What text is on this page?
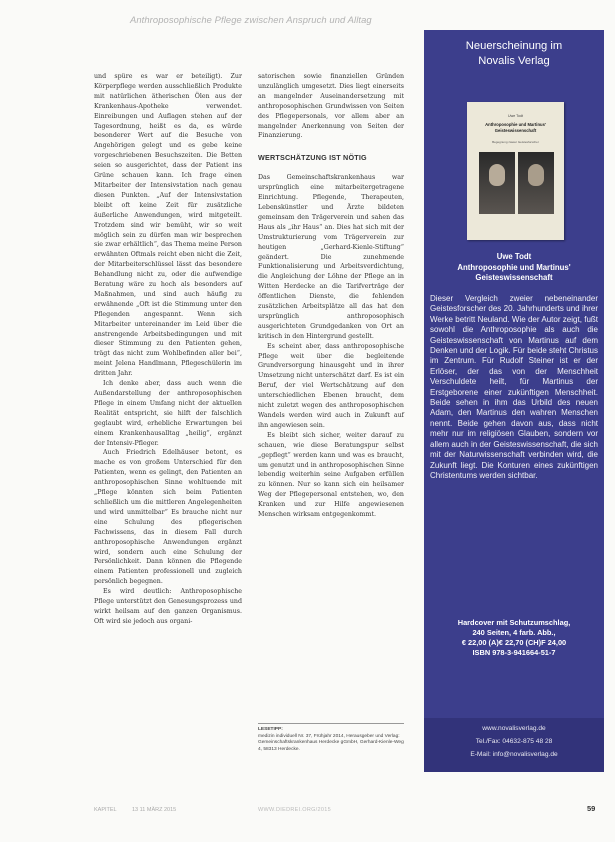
Anthroposophische Pflege zwischen Anspruch und Alltag

und spüre es war er beteiligt). Zur Körperpflege werden ausschließlich Produkte mit natürlichen ätherischen Ölen aus der Krankenhaus-Apotheke verwendet. Einreibungen und Auflagen stehen auf der Tagesordnung, heißt es da, es würde besonderer Wert auf die Besuche von Angehörigen gelegt und es gebe keine vorgeschriebenen Besuchszeiten. Die Betten seien so ausgerichtet, dass der Patient ins Grüne schauen kann. Ich frage einen Mitarbeiter der Intensivstation nach genau diesen Punkten. „Auf der Intensivstation bleibt oft keine Zeit für zusätzliche äußerliche Anwendungen, wird mitgeteilt. Trotzdem sind wir bemüht, wir so weit möglich sein zu dürfen man wir besprechen sie zwar erhältlich“, das Thema meine Person erwähnten Oftmals reicht eben nicht die Zeit, der Mitarbeiterschlüssel lässt das besondere Behandlung nicht zu, oder die aufwendige Beratung wäre zu hoch als besonders auf Maßnahmen, und sind auch häufig zu erwähnende „Oft ist die Stimmung unter den Pflegenden angespannt. Wenn sich Mitarbeiter untereinander im Leid über die anstrengende Arbeitsbedingungen und mit dieser Stimmung zu den Patienten gehen, trägt das nicht zum Wohlbefinden aller bei“, meint Jelena Handlmann, Pflegeschülerin im dritten Jahr.

Ich denke aber, dass auch wenn die Außendarstellung der anthroposophischen Pflege in einem Umfang nicht der aktuellen Realität entspricht, sie hilft der falschlich geglaubt wird, erhebliche Erwartungen bei einem Krankenhausalltag „heilig“, ergänzt der Intensiv-Pfleger.

Auch Friedrich Edelhäuser betont, es mache es von großem Unterschied für den Patienten, wenn es gelingt, den Patienten an anthroposophischen Sinne wohltuende mit „Pflege könnten sich beim Patienten schließlich um die mittleren Angelegenheiten und wird unmittelbar“ Es brauche nicht nur eine Schulung des pflegerischen Fachwissens, das in diesem Fall durch anthroposophische Anwendungen ergänzt wird, sondern auch eine Schulung der Persönlichkeit. Dann können die Pflegende einem Patienten professionell und zugleich persönlich begegnen.

Es wird deutlich: Anthroposophische Pflege unterstützt den Genesungsprozess und wirkt heilsam auf den ganzen Organismus. Oft wird sie jedoch aus organi-

satorischen sowie finanziellen Gründen unzulänglich umgesetzt. Dies liegt einerseits an mangelnder Auseinandersetzung mit anthroposophischen Grundwissen von Seiten des Pflegepersonals, vor allem aber an mangelnder Anerkennung von Seiten der Finanzierung.

WERTSCHÄTZUNG IST NÖTIG

Das Gemeinschaftskrankenhaus war ursprünglich eine mitarbeitergetragene Einrichtung. Pflegende, Therapeuten, Lebenskünstler und Ärzte bildeten gemeinsam den Trägerverein und sahen das Haus als „ihr Haus“ an. Dies hat sich mit der Umstrukturierung vom Trägerverein zur heutigen „Gerhard-Kienle-Stiftung“ geändert. Die zunehmende Funktionalisierung und Arbeitsverdichtung, die Angleichung der Löhne der Pflege an in Witten Herdecke an die Tarifverträge der öffentlichen Dienste, die fehlenden zusätzlichen Arbeitsplätze all das hat den ursprünglich anthroposophisch ausgerichteten Grundgedanken von Ort an kritisch in den Hintergrund gestellt.

Es scheint aber, dass anthroposophische Pflege weit über die begleitende Grundversorgung hinausgeht und in ihrer Umsetzung nicht unterschätzt darf. Es ist ein Beruf, der viel Wertschätzung auf den unterschiedlichen Ebenen braucht, dem nicht zuletzt wegen des anthroposophischen Wandels werden wird auch in Zukunft auf ihn angewiesen sein.

Es bleibt sich sicher, weiter darauf zu schauen, wie diese Beratungspur selbst „gepflegt“ werden kann und was es braucht, um genutzt und in anthroposophischen Sinne lebendig weiterhin seine Aufgaben erfüllen zu können. Nur so kann sich ein heilsamer Weg der Pflegepersonal entstehen, wo, den Kranken und zur Hilfe angewiesenen Menschen wirksam entgegenkommt.

LESETIPP:
medizin individuell Nr. 37, Frühjahr 2014, Herausgeber und Verlag: Gemeinschaftskrankenhaus Herdecke gGmbH, Gerhard-Kienle-Weg 4, 58313 Herdecke.
Neuerscheinung im
Novalis Verlag
Uwe Todt
Anthroposophie und Martinus' Geisteswissenschaft
Begegnung zweier Geistesforscher
Uwe Todt
Anthroposophie und Martinus' Geisteswissenschaft
Dieser Vergleich zweier nebeneinander Geistesforscher des 20. Jahrhunderts und ihrer Werke betritt Neuland. Wie der Autor zeigt, fußt sowohl die Anthroposophie als auch die Geisteswissenschaft von Martinus auf dem Denken und der Logik. Für beide steht Christus im Zentrum. Für Rudolf Steiner ist er der Erlöser, der das von der Menschheit Verschuldete heilt, für Martinus der Erstgeborene einer zukünftigen Menschheit. Beide sehen in ihm das Urbild des neuen Adam, den Martinus den wahren Menschen nennt. Beide gehen davon aus, dass nicht mehr nur im religiösen Glauben, sondern vor allem auch in der Geisteswissenschaft, die sich mit der Naturwissenschaft verbinden wird, die Zukunft liegt. Die Konturen eines zukünftigen Christentums werden sichtbar.
Hardcover mit Schutzumschlag,
240 Seiten, 4 farb. Abb.,
€ 22,00 (A)€ 22,70 (CH)F 24,00
ISBN 978-3-941664-51-7
www.novalisverlag.de
Tel./Fax: 04632-875 48 28
E-Mail: info@novalisverlag.de
KAPITEL	13 11 MÄRZ 2015	WWW.DIEDREI.ORG/2015	59
